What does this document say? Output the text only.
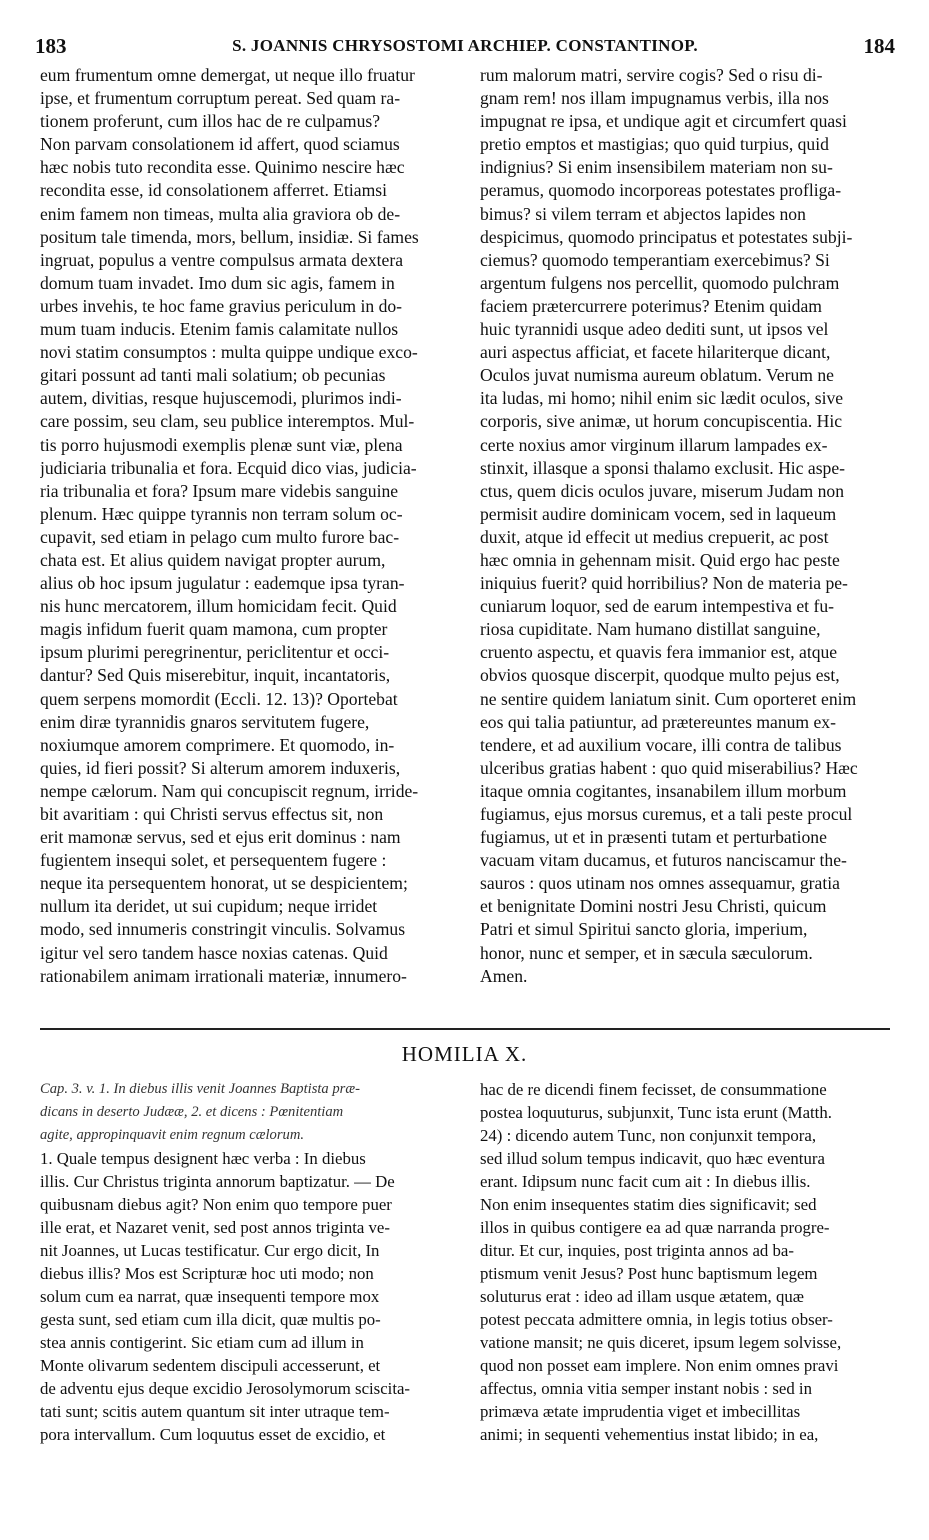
183	S. JOANNIS CHRYSOSTOMI ARCHIEP. CONSTANTINOP.	184
eum frumentum omne demergat, ut neque illo fruatur
ipse, et frumentum corruptum pereat. Sed quam ra-
tionem proferunt, cum illos hac de re culpamus?
Non parvam consolationem id affert, quod sciamus
hæc nobis tuto recondita esse. Quinimo nescire hæc
recondita esse, id consolationem afferret. Etiamsi
enim famem non timeas, multa alia graviora ob de-
positum tale timenda, mors, bellum, insidiæ. Si fames
ingruat, populus a ventre compulsus armata dextera
domum tuam invadet. Imo dum sic agis, famem in
urbes invehis, te hoc fame gravius periculum in do-
mum tuam inducis. Etenim famis calamitate nullos
novi statim consumptos : multa quippe undique exco-
gitari possunt ad tanti mali solatium; ob pecunias
autem, divitias, resque hujuscemodi, plurimos indi-
care possim, seu clam, seu publice interemptos. Mul-
tis porro hujusmodi exemplis plenæ sunt viæ, plena
judiciaria tribunalia et fora. Ecquid dico vias, judicia-
ria tribunalia et fora? Ipsum mare videbis sanguine
plenum. Hæc quippe tyrannis non terram solum oc-
cupavit, sed etiam in pelago cum multo furore bac-
chata est. Et alius quidem navigat propter aurum,
alius ob hoc ipsum jugulatur : eademque ipsa tyran-
nis hunc mercatorem, illum homicidam fecit. Quid
magis infidum fuerit quam mamona, cum propter
ipsum plurimi peregrinentur, periclitentur et occi-
dantur? Sed Quis miserebitur, inquit, incantatoris,
quem serpens momordit (Eccli. 12. 13)? Oportebat
enim diræ tyrannidis gnaros servitutem fugere,
noxiumque amorem comprimere. Et quomodo, in-
quies, id fieri possit? Si alterum amorem induxeris,
nempe cælorum. Nam qui concupiscit regnum, irride-
bit avaritiam : qui Christi servus effectus sit, non
erit mamonæ servus, sed et ejus erit dominus : nam
fugientem insequi solet, et persequentem fugere :
neque ita persequentem honorat, ut se despicientem;
nullum ita deridet, ut sui cupidum; neque irridet
modo, sed innumeris constringit vinculis. Solvamus
igitur vel sero tandem hasce noxias catenas. Quid
rationabilem animam irrationali materiæ, innumero-
rum malorum matri, servire cogis? Sed o risu di-
gnam rem! nos illam impugnamus verbis, illa nos
impugnat re ipsa, et undique agit et circumfert quasi
pretio emptos et mastigias; quo quid turpius, quid
indignius? Si enim insensibilem materiam non su-
peramus, quomodo incorporeas potestates profliga-
bimus? si vilem terram et abjectos lapides non
despicimus, quomodo principatus et potestates subji-
ciemus? quomodo temperantiam exercebimus? Si
argentum fulgens nos percellit, quomodo pulchram
faciem prætercurrere poterimus? Etenim quidam
huic tyrannidi usque adeo dediti sunt, ut ipsos vel
auri aspectus afficiat, et facete hilariterque dicant,
Oculos juvat numisma aureum oblatum. Verum ne
ita ludas, mi homo; nihil enim sic lædit oculos, sive
corporis, sive animæ, ut horum concupiscentia. Hic
certe noxius amor virginum illarum lampades ex-
stinxit, illasque a sponsi thalamo exclusit. Hic aspe-
ctus, quem dicis oculos juvare, miserum Judam non
permisit audire dominicam vocem, sed in laqueum
duxit, atque id effecit ut medius crepuerit, ac post
hæc omnia in gehennam misit. Quid ergo hac peste
iniquius fuerit? quid horribilius? Non de materia pe-
cuniarum loquor, sed de earum intempestiva et fu-
riosa cupiditate. Nam humano distillat sanguine,
cruento aspectu, et quavis fera immanior est, atque
obvios quosque discerpit, quodque multo pejus est,
ne sentire quidem laniatum sinit. Cum oporteret enim
eos qui talia patiuntur, ad prætereuntes manum ex-
tendere, et ad auxilium vocare, illi contra de talibus
ulceribus gratias habent : quo quid miserabilius? Hæc
itaque omnia cogitantes, insanabilem illum morbum
fugiamus, ejus morsus curemus, et a tali peste procul
fugiamus, ut et in præsenti tutam et perturbatione
vacuam vitam ducamus, et futuros nanciscamur the-
sauros : quos utinam nos omnes assequamur, gratia
et benignitate Domini nostri Jesu Christi, quicum
Patri et simul Spiritui sancto gloria, imperium,
honor, nunc et semper, et in sæcula sæculorum.
Amen.
HOMILIA X.
Cap. 3. v. 1. In diebus illis venit Joannes Baptista præ-
dicans in deserto Judææ, 2. et dicens : Pœnitentiam
agite, appropinquavit enim regnum cælorum.
1. Quale tempus designent hæc verba : In diebus
illis. Cur Christus triginta annorum baptizatur. — De
quibusnam diebus agit? Non enim quo tempore puer
ille erat, et Nazaret venit, sed post annos triginta ve-
nit Joannes, ut Lucas testificatur. Cur ergo dicit, In
diebus illis? Mos est Scripturæ hoc uti modo; non
solum cum ea narrat, quæ insequenti tempore mox
gesta sunt, sed etiam cum illa dicit, quæ multis po-
stea annis contigerint. Sic etiam cum ad illum in
Monte olivarum sedentem discipuli accesserunt, et
de adventu ejus deque excidio Jerosolymorum sciscita-
tati sunt; scitis autem quantum sit inter utraque tem-
pora intervallum. Cum loquutus esset de excidio, et
hac de re dicendi finem fecisset, de consummatione
postea loquuturus, subjunxit, Tunc ista erunt (Matth.
24) : dicendo autem Tunc, non conjunxit tempora,
sed illud solum tempus indicavit, quo hæc eventura
erant. Idipsum nunc facit cum ait : In diebus illis.
Non enim insequentes statim dies significavit; sed
illos in quibus contigere ea ad quæ narranda progre-
ditur. Et cur, inquies, post triginta annos ad ba-
ptismum venit Jesus? Post hunc baptismum legem
soluturus erat : ideo ad illam usque ætatem, quæ
potest peccata admittere omnia, in legis totius obser-
vatione mansit; ne quis diceret, ipsum legem solvisse,
quod non posset eam implere. Non enim omnes pravi
affectus, omnia vitia semper instant nobis : sed in
primæva ætate imprudentia viget et imbecillitas
animi; in sequenti vehementius instat libido; in ea,
